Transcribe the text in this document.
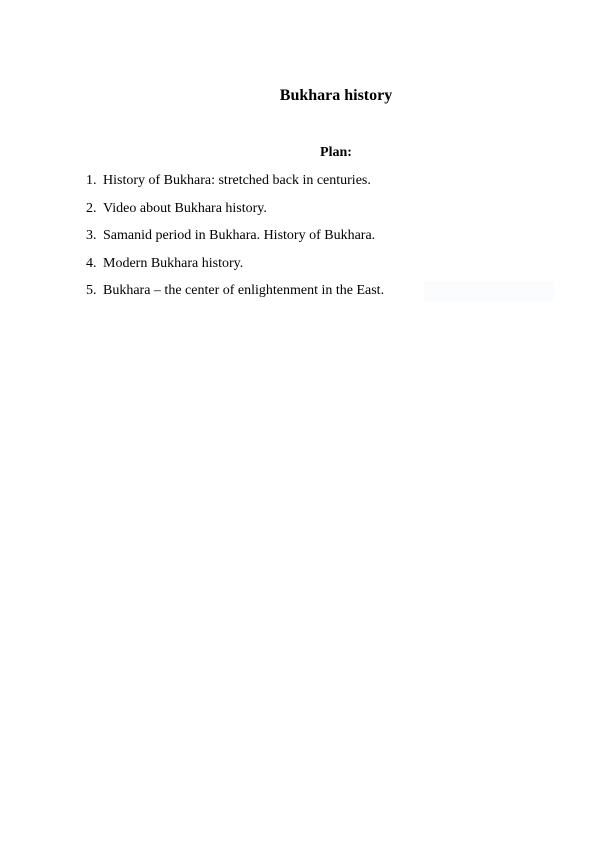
Bukhara history
Plan:
1. History of Bukhara: stretched back in centuries.
2. Video about Bukhara history.
3. Samanid period in Bukhara. History of Bukhara.
4. Modern Bukhara history.
5. Bukhara – the center of enlightenment in the East.
